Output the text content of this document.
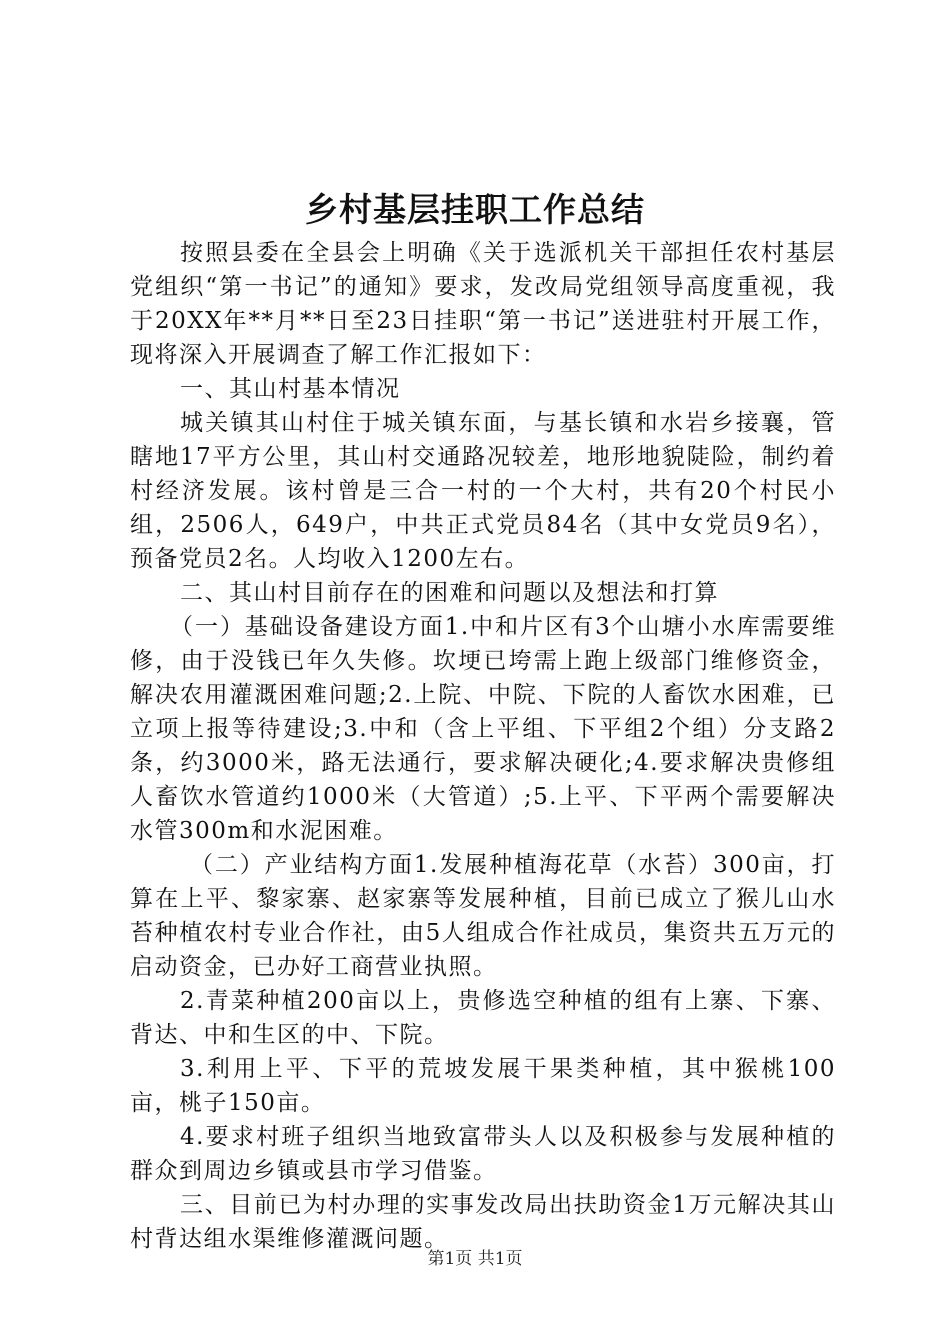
乡村基层挂职工作总结

按照县委在全县会上明确《关于选派机关干部担任农村基层党组织“第一书记”的通知》要求，发改局党组领导高度重视，我于20XX年**月**日至23日挂职“第一书记”送进驻村开展工作，现将深入开展调查了解工作汇报如下：

一、其山村基本情况

城关镇其山村住于城关镇东面，与基长镇和水岩乡接襄，管瞎地17平方公里，其山村交通路况较差，地形地貌陡险，制约着村经济发展。该村曾是三合一村的一个大村，共有20个村民小组，2506人，649户，中共正式党员84名（其中女党员9名），预备党员2名。人均收入1200左右。

二、其山村目前存在的困难和问题以及想法和打算

（一）基础设备建设方面1.中和片区有3个山塘小水库需要维修，由于没钱已年久失修。坎埂已垮需上跑上级部门维修资金，解决农用灌溉困难问题;2.上院、中院、下院的人畜饮水困难，已立项上报等待建设;3.中和（含上平组、下平组2个组）分支路2条，约3000米，路无法通行，要求解决硬化;4.要求解决贵修组人畜饮水管道约1000米（大管道）;5.上平、下平两个需要解决水管300m和水泥困难。

（二）产业结构方面1.发展种植海花草（水苔）300亩，打算在上平、黎家寨、赵家寨等发展种植，目前已成立了猴儿山水苔种植农村专业合作社，由5人组成合作社成员，集资共五万元的启动资金，已办好工商营业执照。

2.青菜种植200亩以上，贵修选空种植的组有上寨、下寨、背达、中和生区的中、下院。

3.利用上平、下平的荒坡发展干果类种植，其中猴桃100亩，桃子150亩。

4.要求村班子组织当地致富带头人以及积极参与发展种植的群众到周边乡镇或县市学习借鉴。

三、目前已为村办理的实事发改局出扶助资金1万元解决其山村背达组水渠维修灌溉问题。

第1页 共1页
